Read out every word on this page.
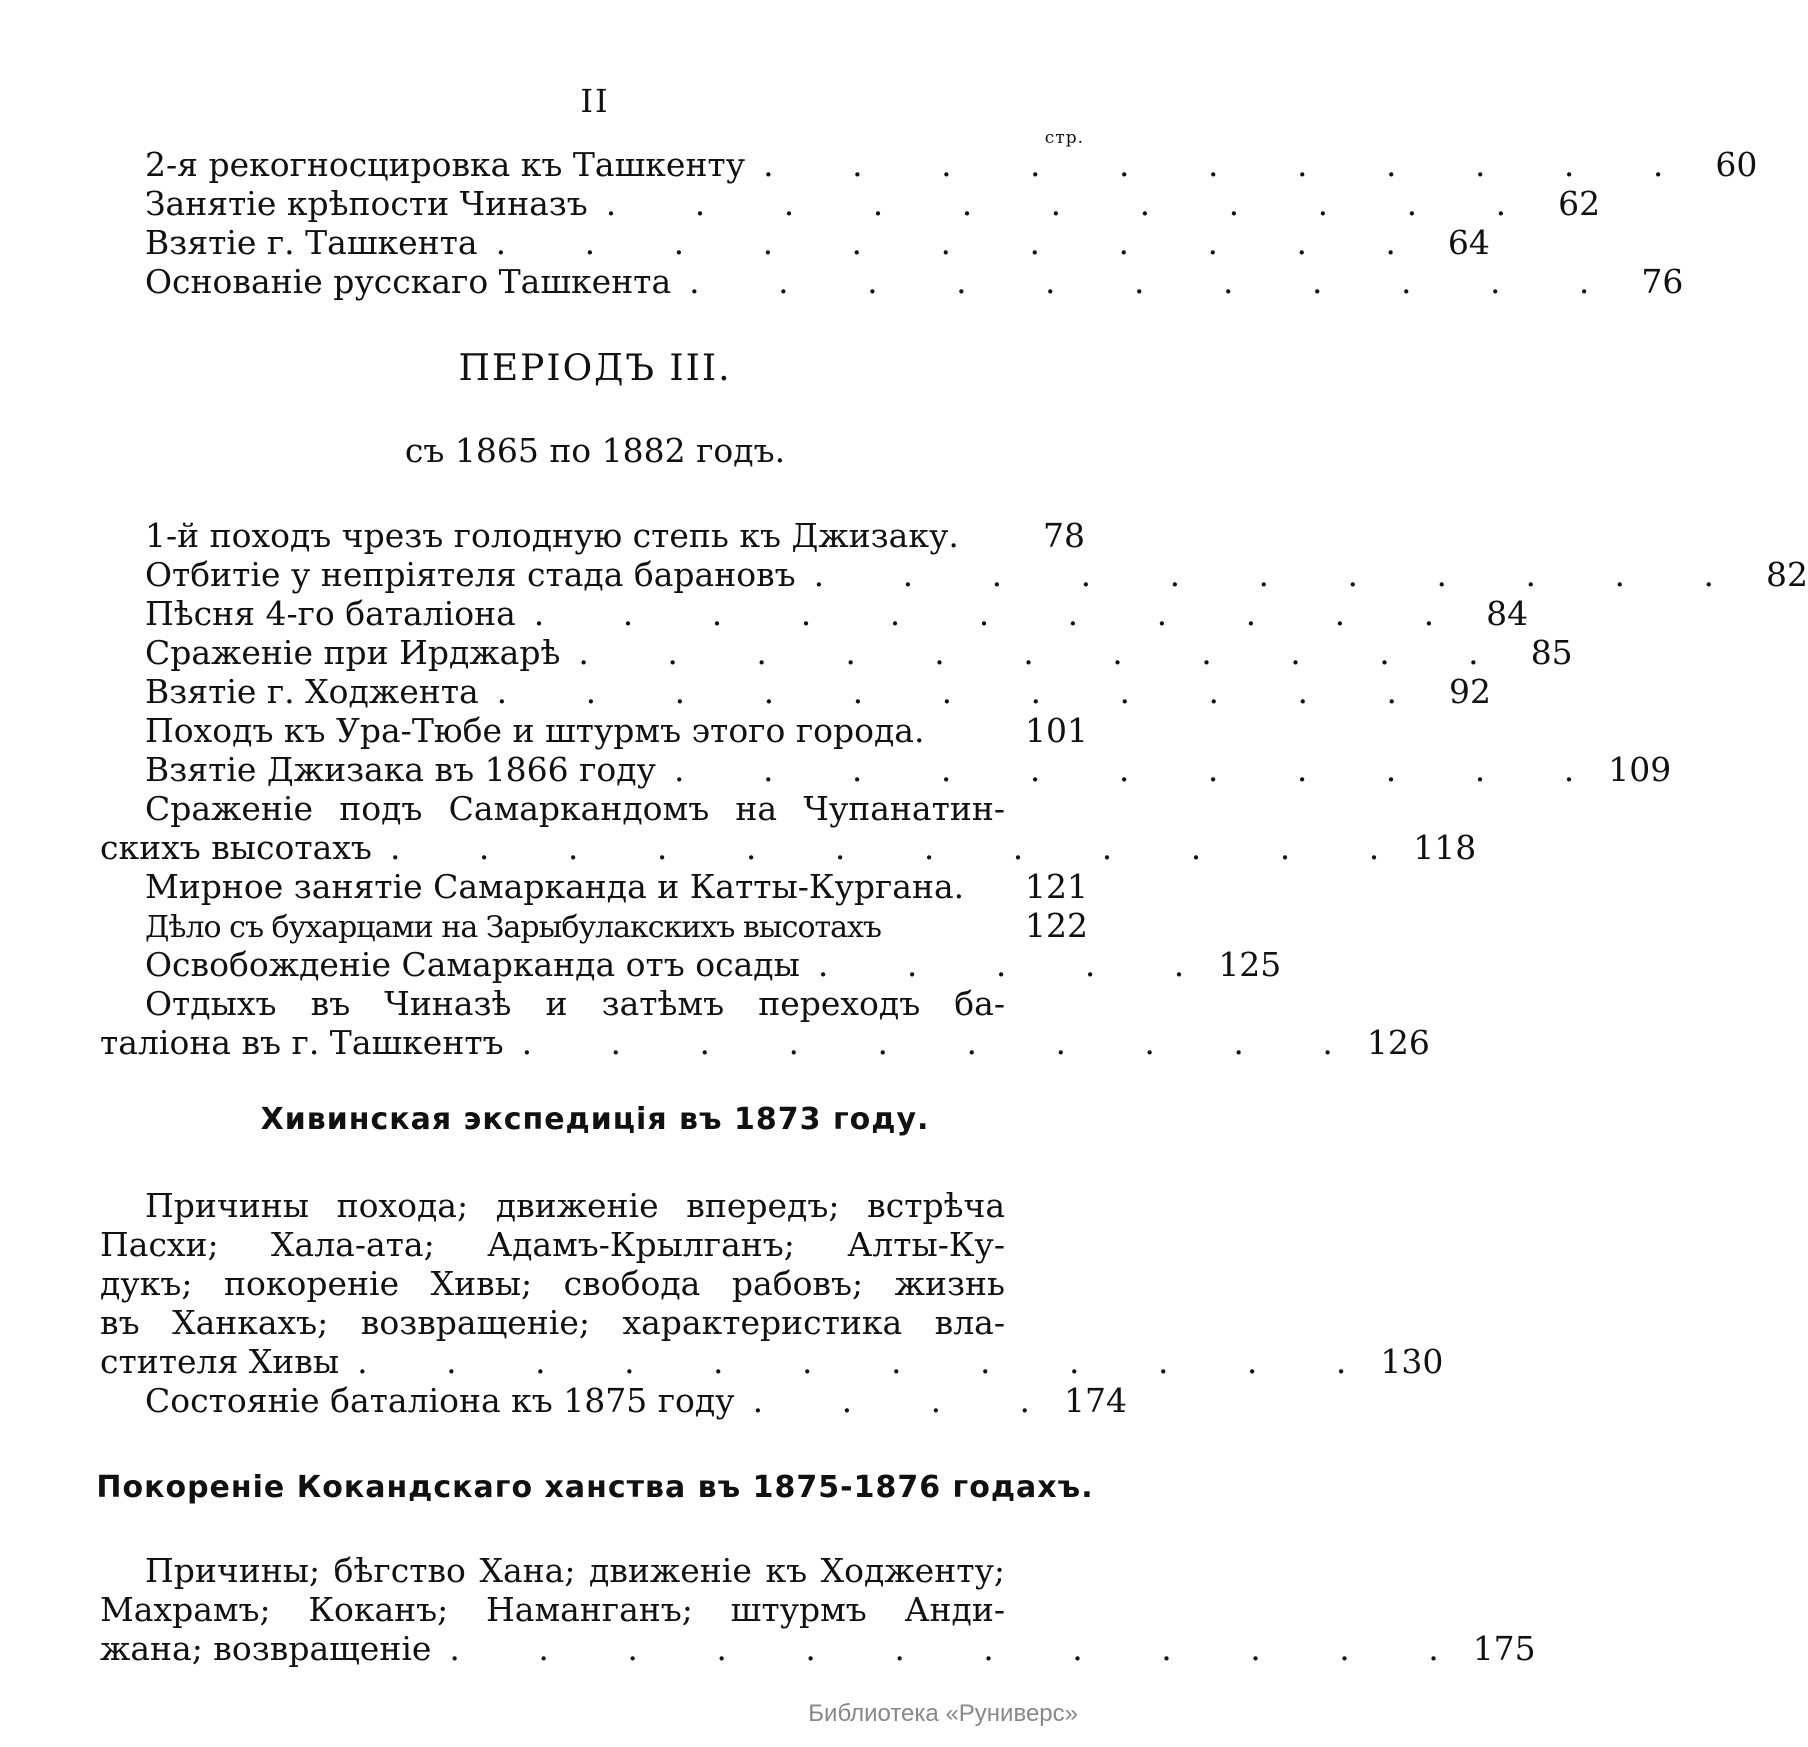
II
стр.
2-я рекогносцировка къ Ташкенту . . . . . . . . . . . 60
Занятіе крѣпости Чиназъ . . . . . . . . . . . 62
Взятіе г. Ташкента . . . . . . . . . . . 64
Основаніе русскаго Ташкента . . . . . . . . . . . 76
ПЕРІОДЪ III.
съ 1865 по 1882 годъ.
1-й походъ чрезъ голодную степь къ Джизаку.	78
Отбитіе у непріятеля стада барановъ . . . . . . . . . . . 82
Пѣсня 4-го баталіона . . . . . . . . . . . 84
Сраженіе при Ирджарѣ . . . . . . . . . . . 85
Взятіе г. Ходжента . . . . . . . . . . . 92
Походъ къ Ура-Тюбе и штурмъ этого города.	101
Взятіе Джизака въ 1866 году . . . . . . . . . . . 109
Сраженіе подъ Самаркандомъ на Чупанатин-
скихъ высотахъ . . . . . . . . . . . . 118
Мирное занятіе Самарканда и Катты-Кургана. 121
Дѣло съ бухарцами на Зарыбулакскихъ высотахъ	122
Освобожденіе Самарканда отъ осады . . . . . 125
Отдыхъ въ Чиназѣ и затѣмъ переходъ ба-
таліона въ г. Ташкентъ . . . . . . . . . . 126
Хивинская экспедиція въ 1873 году.
Причины похода; движеніе впередъ; встрѣча
Пасхи; Хала-ата; Адамъ-Крылганъ; Алты-Ку-
дукъ; покореніе Хивы; свобода рабовъ; жизнь
въ Ханкахъ; возвращеніе; характеристика вла-
стителя Хивы . . . . . . . . . . . . 130
Состояніе баталіона къ 1875 году . . . . 174
Покореніе Кокандскаго ханства въ 1875-1876 годахъ.
Причины; бѣгство Хана; движеніе къ Ходженту;
Махрамъ; Коканъ; Наманганъ; штурмъ Анди-
жана; возвращеніе . . . . . . . . . . . . 175
Библиотека «Руниверс»
